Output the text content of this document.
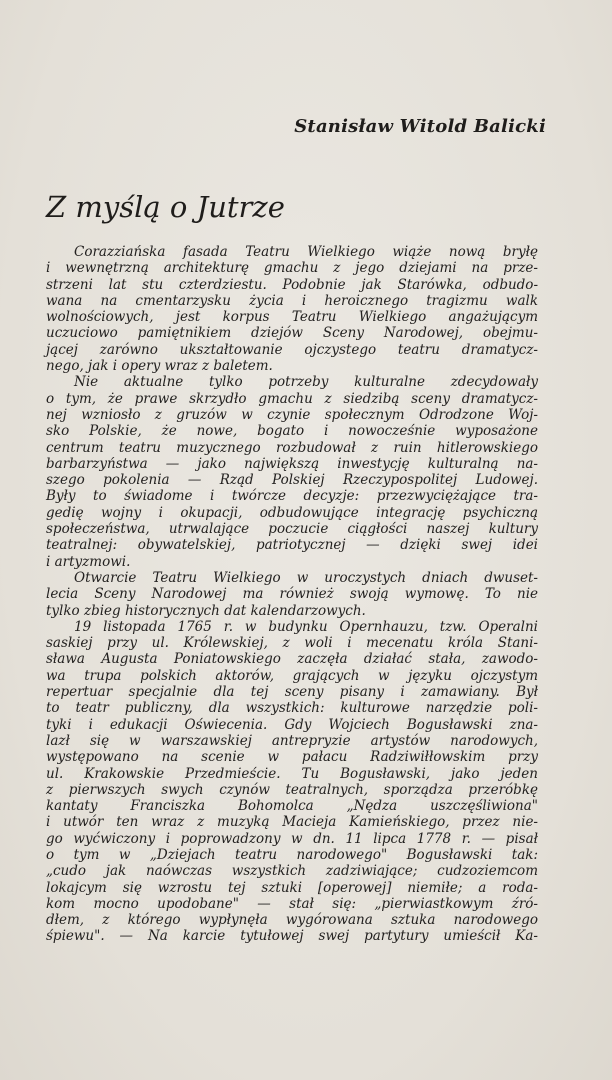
Stanisław Witold Balicki
Z myślą o Jutrze
Corazziańska fasada Teatru Wielkiego wiąże nową bryłę
i wewnętrzną architekturę gmachu z jego dziejami na prze-
strzeni lat stu czterdziestu. Podobnie jak Starówka, odbudo-
wana na cmentarzysku życia i heroicznego tragizmu walk
wolnościowych, jest korpus Teatru Wielkiego angażującym
uczuciowo pamiętnikiem dziejów Sceny Narodowej, obejmu-
jącej zarówno ukształtowanie ojczystego teatru dramatycz-
nego, jak i opery wraz z baletem.
Nie aktualne tylko potrzeby kulturalne zdecydowały
o tym, że prawe skrzydło gmachu z siedzibą sceny dramatycz-
nej wzniosło z gruzów w czynie społecznym Odrodzone Woj-
sko Polskie, że nowe, bogato i nowocześnie wyposażone
centrum teatru muzycznego rozbudował z ruin hitlerowskiego
barbarzyństwa — jako największą inwestycję kulturalną na-
szego pokolenia — Rząd Polskiej Rzeczypospolitej Ludowej.
Były to świadome i twórcze decyzje: przezwyciężające tra-
gedię wojny i okupacji, odbudowujące integrację psychiczną
społeczeństwa, utrwalające poczucie ciągłości naszej kultury
teatralnej: obywatelskiej, patriotycznej — dzięki swej idei
i artyzmowi.
Otwarcie Teatru Wielkiego w uroczystych dniach dwuset-
lecia Sceny Narodowej ma również swoją wymowę. To nie
tylko zbieg historycznych dat kalendarzowych.
19 listopada 1765 r. w budynku Opernhauzu, tzw. Operalni
saskiej przy ul. Królewskiej, z woli i mecenatu króla Stani-
sława Augusta Poniatowskiego zaczęła działać stała, zawodo-
wa trupa polskich aktorów, grających w języku ojczystym
repertuar specjalnie dla tej sceny pisany i zamawiany. Był
to teatr publiczny, dla wszystkich: kulturowe narzędzie poli-
tyki i edukacji Oświecenia. Gdy Wojciech Bogusławski zna-
lazł się w warszawskiej antrepryzie artystów narodowych,
występowano na scenie w pałacu Radziwiłłowskim przy
ul. Krakowskie Przedmieście. Tu Bogusławski, jako jeden
z pierwszych swych czynów teatralnych, sporządza przeróbkę
kantaty Franciszka Bohomolca „Nędza uszczęśliwiona"
i utwór ten wraz z muzyką Macieja Kamieńskiego, przez nie-
go wyćwiczony i poprowadzony w dn. 11 lipca 1778 r. — pisał
o tym w „Dziejach teatru narodowego" Bogusławski tak:
„cudo jak naówczas wszystkich zadziwiające; cudzoziemcom
lokajcym się wzrostu tej sztuki [operowej] niemiłe; a roda-
kom mocno upodobane" — stał się: „pierwiastkowym źró-
dłem, z którego wypłynęła wygórowana sztuka narodowego
śpiewu". — Na karcie tytułowej swej partytury umieścił Ka-
